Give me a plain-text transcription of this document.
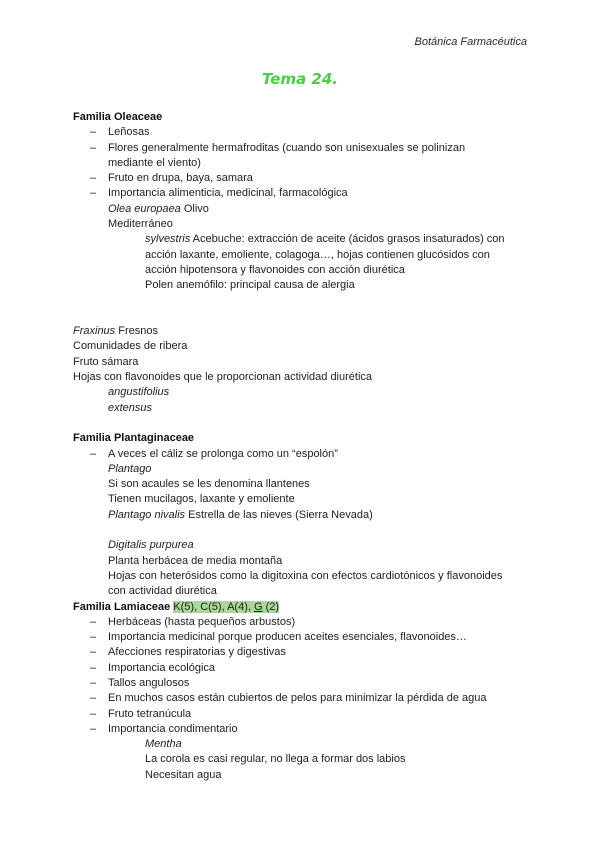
Botánica Farmacéutica
Tema 24.
Familia Oleaceae
– Leñosas
– Flores generalmente hermafroditas (cuando son unisexuales se polinizan
mediante el viento)
– Fruto en drupa, baya, samara
– Importancia alimenticia, medicinal, farmacológica
Olea europaea Olivo
Mediterráneo
sylvestris Acebuche: extracción de aceite (ácidos grasos insaturados) con
acción laxante, emoliente, colagoga…, hojas contienen glucósidos con
acción hipotensora y flavonoides con acción diurética
Polen anemófilo: principal causa de alergia
Fraxinus Fresnos
Comunidades de ribera
Fruto sámara
Hojas con flavonoides que le proporcionan actividad diurética
angustifolius
extensus
Familia Plantaginaceae
– A veces el cáliz se prolonga como un “espolón”
Plantago
Si son acaules se les denomina llantenes
Tienen mucilagos, laxante y emoliente
Plantago nivalis Estrella de las nieves (Sierra Nevada)
Digitalis purpurea
Planta herbácea de media montaña
Hojas con heterósidos como la digitoxina con efectos cardiotónicos y flavonoides
con actividad diurética
Familia Lamiaceae K(5), C(5), A(4), G (2)
– Herbáceas (hasta pequeños arbustos)
– Importancia medicinal porque producen aceites esenciales, flavonoides…
– Afecciones respiratorias y digestivas
– Importancia ecológica
– Tallos angulosos
– En muchos casos están cubiertos de pelos para minimizar la pérdida de agua
– Fruto tetranúcula
– Importancia condimentario
Mentha
La corola es casi regular, no llega a formar dos labios
Necesitan agua
